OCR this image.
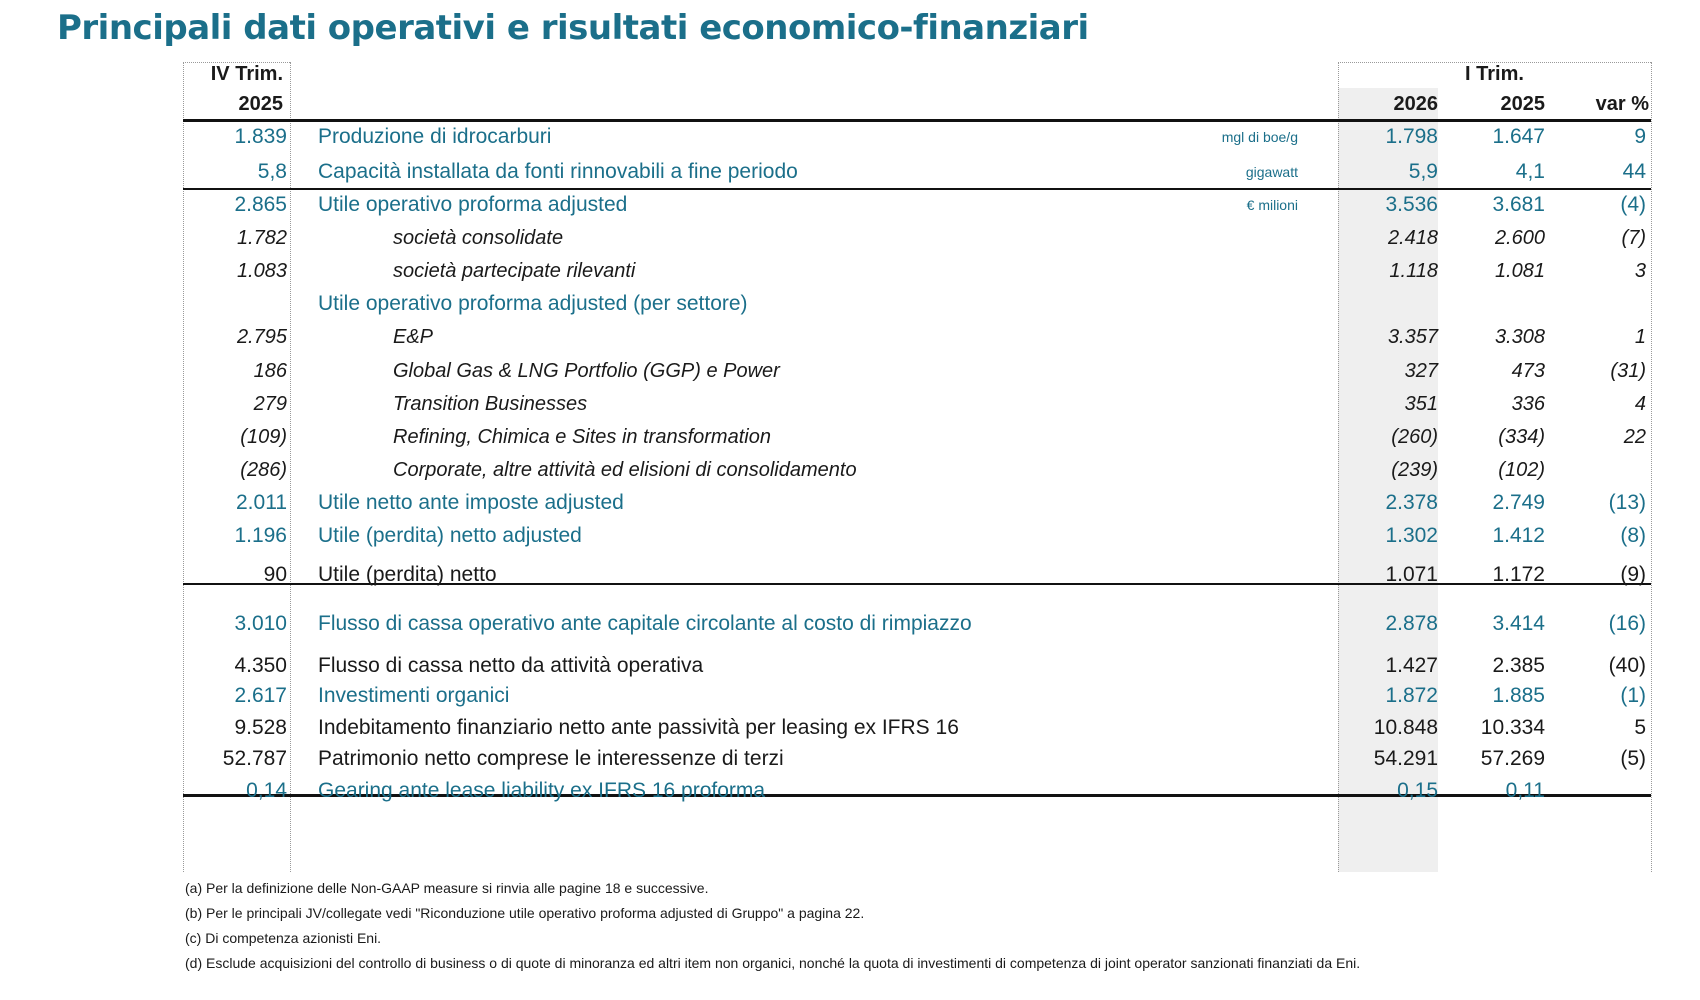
Principali dati operativi e risultati economico-finanziari
IV Trim.
2025
I Trim.
2026	2025	var %
1.839 Produzione di idrocarburi	mgl di boe/g	1.798	1.647	9
5,8 Capacità installata da fonti rinnovabili a fine periodo	gigawatt	5,9	4,1	44
2.865 Utile operativo proforma adjusted	€ milioni	3.536	3.681	(4)
1.782	società consolidate	2.418	2.600	(7)
1.083	società partecipate rilevanti	1.118	1.081	3
Utile operativo proforma adjusted (per settore)
2.795	E&P	3.357	3.308	1
186	Global Gas & LNG Portfolio (GGP) e Power	327	473	(31)
279	Transition Businesses	351	336	4
(109)	Refining, Chimica e Sites in transformation	(260)	(334)	22
(286)	Corporate, altre attività ed elisioni di consolidamento	(239)	(102)
2.011 Utile netto ante imposte adjusted	2.378	2.749	(13)
1.196 Utile (perdita) netto adjusted	1.302	1.412	(8)
90 Utile (perdita) netto	1.071	1.172	(9)
3.010 Flusso di cassa operativo ante capitale circolante al costo di rimpiazzo	2.878	3.414	(16)
4.350 Flusso di cassa netto da attività operativa	1.427	2.385	(40)
2.617 Investimenti organici	1.872	1.885	(1)
9.528 Indebitamento finanziario netto ante passività per leasing ex IFRS 16	10.848	10.334	5
52.787 Patrimonio netto comprese le interessenze di terzi	54.291	57.269	(5)
0,14 Gearing ante lease liability ex IFRS 16 proforma	0,15	0,11
(a) Per la definizione delle Non-GAAP measure si rinvia alle pagine 18 e successive.
(b) Per le principali JV/collegate vedi "Riconduzione utile operativo proforma adjusted di Gruppo" a pagina 22.
(c) Di competenza azionisti Eni.
(d) Esclude acquisizioni del controllo di business o di quote di minoranza ed altri item non organici, nonché la quota di investimenti di competenza di joint operator sanzionati finanziati da Eni.
